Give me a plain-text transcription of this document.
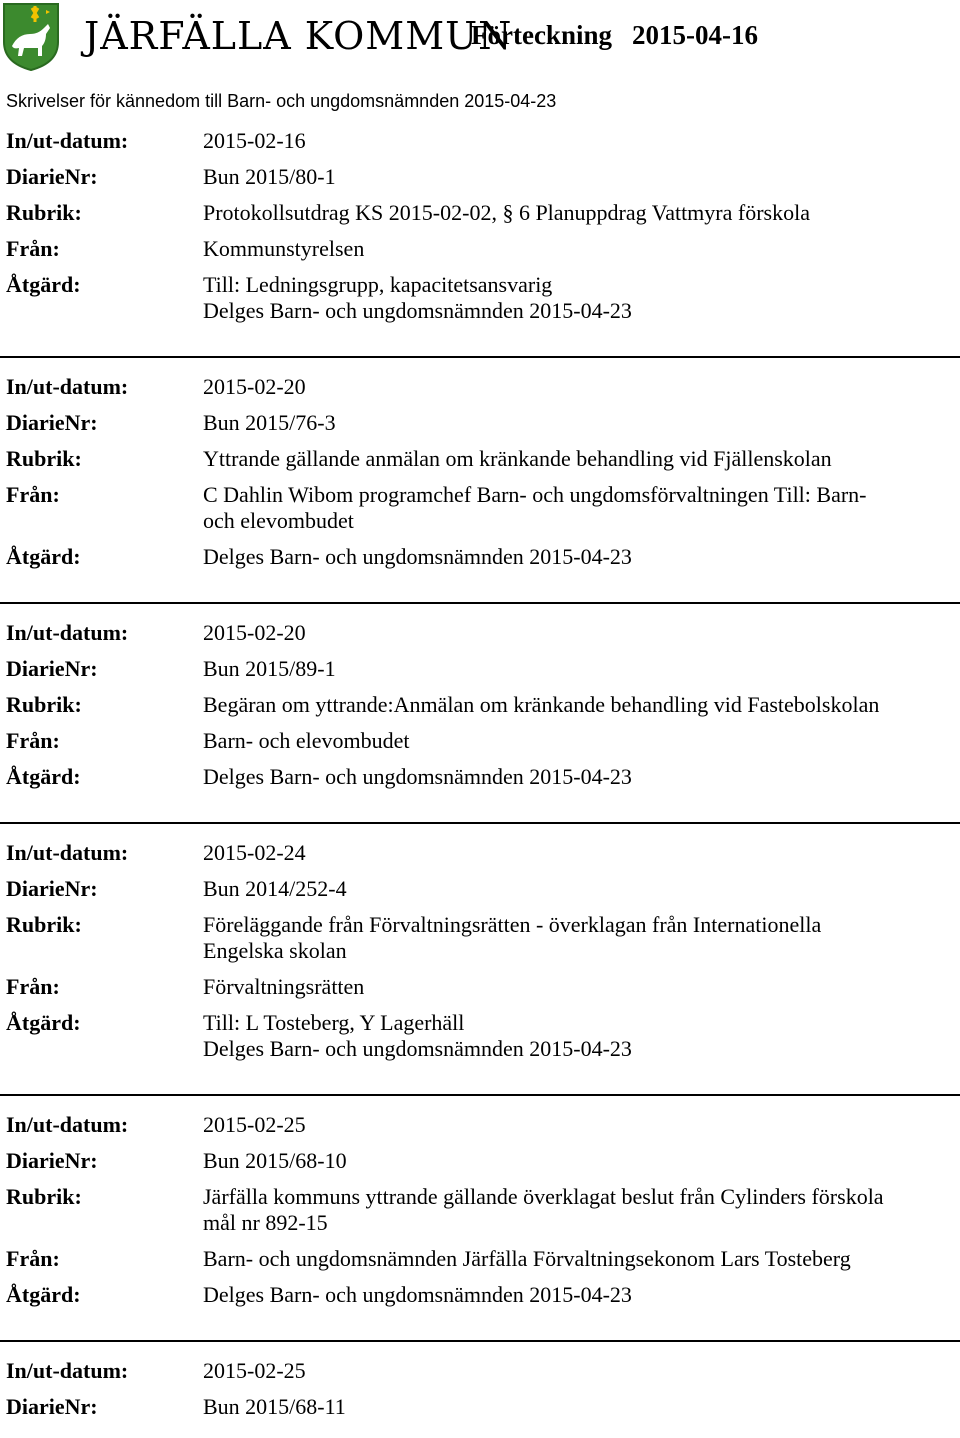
JÄRFÄLLA KOMMUN
Förteckning 2015-04-16
Skrivelser för kännedom till Barn- och ungdomsnämnden 2015-04-23
In/ut-datum:	2015-02-16
DiarieNr:	Bun 2015/80-1
Rubrik:	Protokollsutdrag KS 2015-02-02, § 6 Planuppdrag Vattmyra förskola
Från:	Kommunstyrelsen
Åtgärd:	Till: Ledningsgrupp, kapacitetsansvarig
Delges Barn- och ungdomsnämnden 2015-04-23
In/ut-datum:	2015-02-20
DiarieNr:	Bun 2015/76-3
Rubrik:	Yttrande gällande anmälan om kränkande behandling vid Fjällenskolan
Från:	C Dahlin Wibom programchef Barn- och ungdomsförvaltningen Till: Barn-
och elevombudet
Åtgärd:	Delges Barn- och ungdomsnämnden 2015-04-23
In/ut-datum:	2015-02-20
DiarieNr:	Bun 2015/89-1
Rubrik:	Begäran om yttrande:Anmälan om kränkande behandling vid Fastebolskolan
Från:	Barn- och elevombudet
Åtgärd:	Delges Barn- och ungdomsnämnden 2015-04-23
In/ut-datum:	2015-02-24
DiarieNr:	Bun 2014/252-4
Rubrik:	Föreläggande från Förvaltningsrätten - överklagan från Internationella
Engelska skolan
Från:	Förvaltningsrätten
Åtgärd:	Till: L Tosteberg, Y Lagerhäll
Delges Barn- och ungdomsnämnden 2015-04-23
In/ut-datum:	2015-02-25
DiarieNr:	Bun 2015/68-10
Rubrik:	Järfälla kommuns yttrande gällande överklagat beslut från Cylinders förskola
mål nr 892-15
Från:	Barn- och ungdomsnämnden Järfälla Förvaltningsekonom Lars Tosteberg
Åtgärd:	Delges Barn- och ungdomsnämnden 2015-04-23
In/ut-datum:	2015-02-25
DiarieNr:	Bun 2015/68-11
